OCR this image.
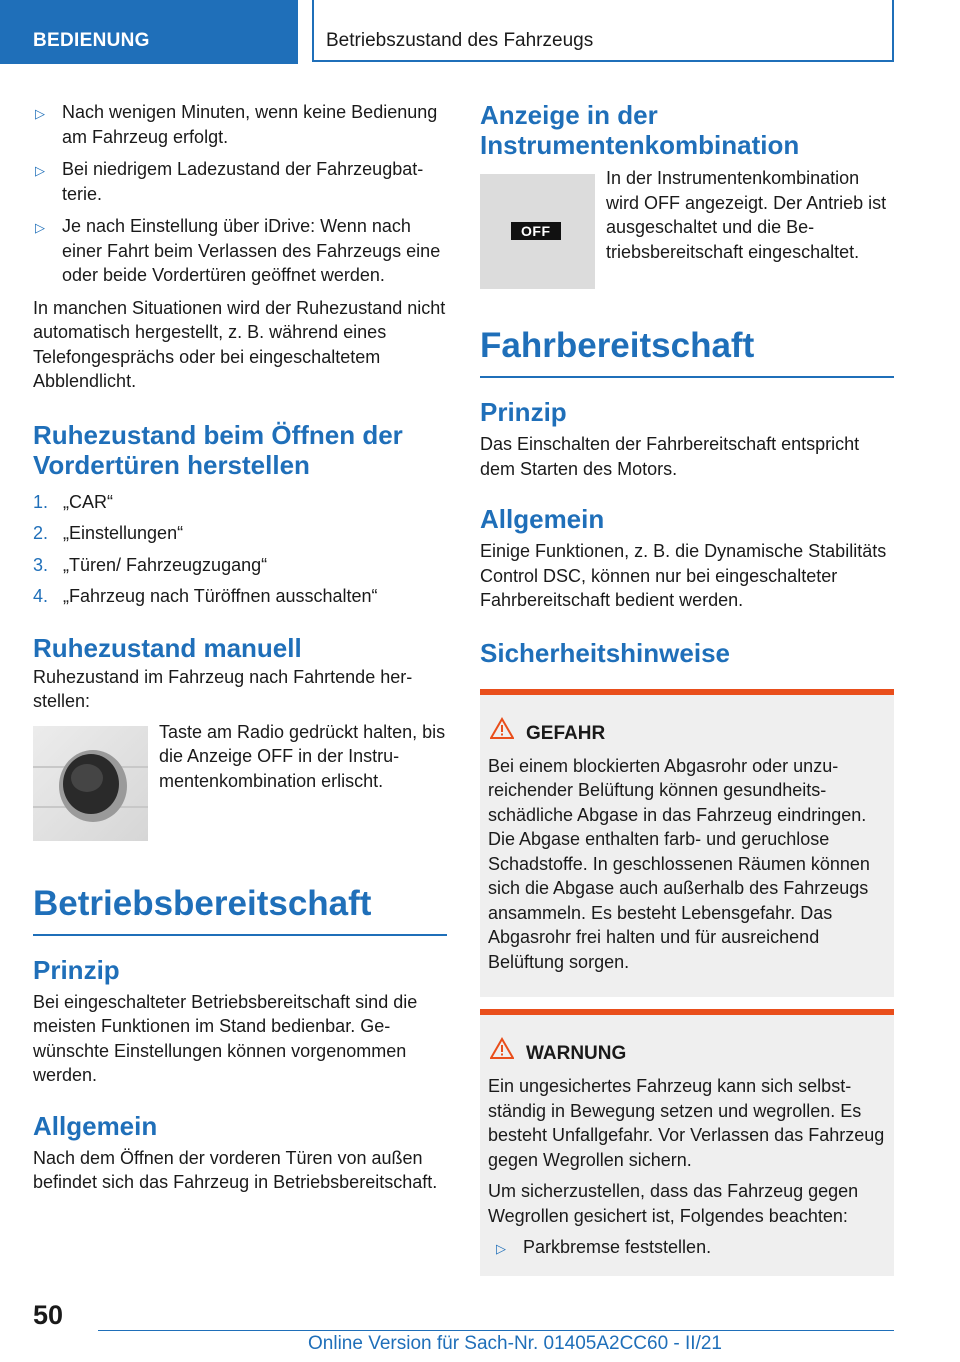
BEDIENUNG	Betriebszustand des Fahrzeugs
▷ Nach wenigen Minuten, wenn keine Bedienung am Fahrzeug erfolgt.
▷ Bei niedrigem Ladezustand der Fahrzeugbatterie.
▷ Je nach Einstellung über iDrive: Wenn nach einer Fahrt beim Verlassen des Fahrzeugs eine oder beide Vordertüren geöffnet werden.

In manchen Situationen wird der Ruhezustand nicht automatisch hergestellt, z. B. während eines Telefongesprächs oder bei eingeschaltetem Abblendlicht.

Ruhezustand beim Öffnen der Vordertüren herstellen
1. „CAR“
2. „Einstellungen“
3. „Türen/ Fahrzeugzugang“
4. „Fahrzeug nach Türöffnen ausschalten“
Ruhezustand manuell

Ruhezustand im Fahrzeug nach Fahrtende herstellen:

Taste am Radio gedrückt halten, bis die Anzeige OFF in der Instrumentenkombination erlischt.

Betriebsbereitschaft
Prinzip

Bei eingeschalteter Betriebsbereitschaft sind die meisten Funktionen im Stand bedienbar. Gewünschte Einstellungen können vorgenommen werden.

Allgemein

Nach dem Öffnen der vorderen Türen von außen befindet sich das Fahrzeug in Betriebsbereitschaft.

Anzeige in der Instrumentenkombination
OFF

In der Instrumentenkombination wird OFF angezeigt. Der Antrieb ist ausgeschaltet und die Betriebsbereitschaft eingeschaltet.

Fahrbereitschaft
Prinzip

Das Einschalten der Fahrbereitschaft entspricht dem Starten des Motors.

Allgemein

Einige Funktionen, z. B. die Dynamische Stabilitäts Control DSC, können nur bei eingeschalteter Fahrbereitschaft bedient werden.

Sicherheitshinweise
GEFAHR

Bei einem blockierten Abgasrohr oder unzureichender Belüftung können gesundheitsschädliche Abgase in das Fahrzeug eindringen. Die Abgase enthalten farb- und geruchlose Schadstoffe. In geschlossenen Räumen können sich die Abgase auch außerhalb des Fahrzeugs ansammeln. Es besteht Lebensgefahr. Das Abgasrohr frei halten und für ausreichend Belüftung sorgen.

WARNUNG

Ein ungesichertes Fahrzeug kann sich selbstständig in Bewegung setzen und wegrollen. Es besteht Unfallgefahr. Vor Verlassen das Fahrzeug gegen Wegrollen sichern.

Um sicherzustellen, dass das Fahrzeug gegen Wegrollen gesichert ist, Folgendes beachten:

▷ Parkbremse feststellen.
50
Online Version für Sach-Nr. 01405A2CC60 - II/21
